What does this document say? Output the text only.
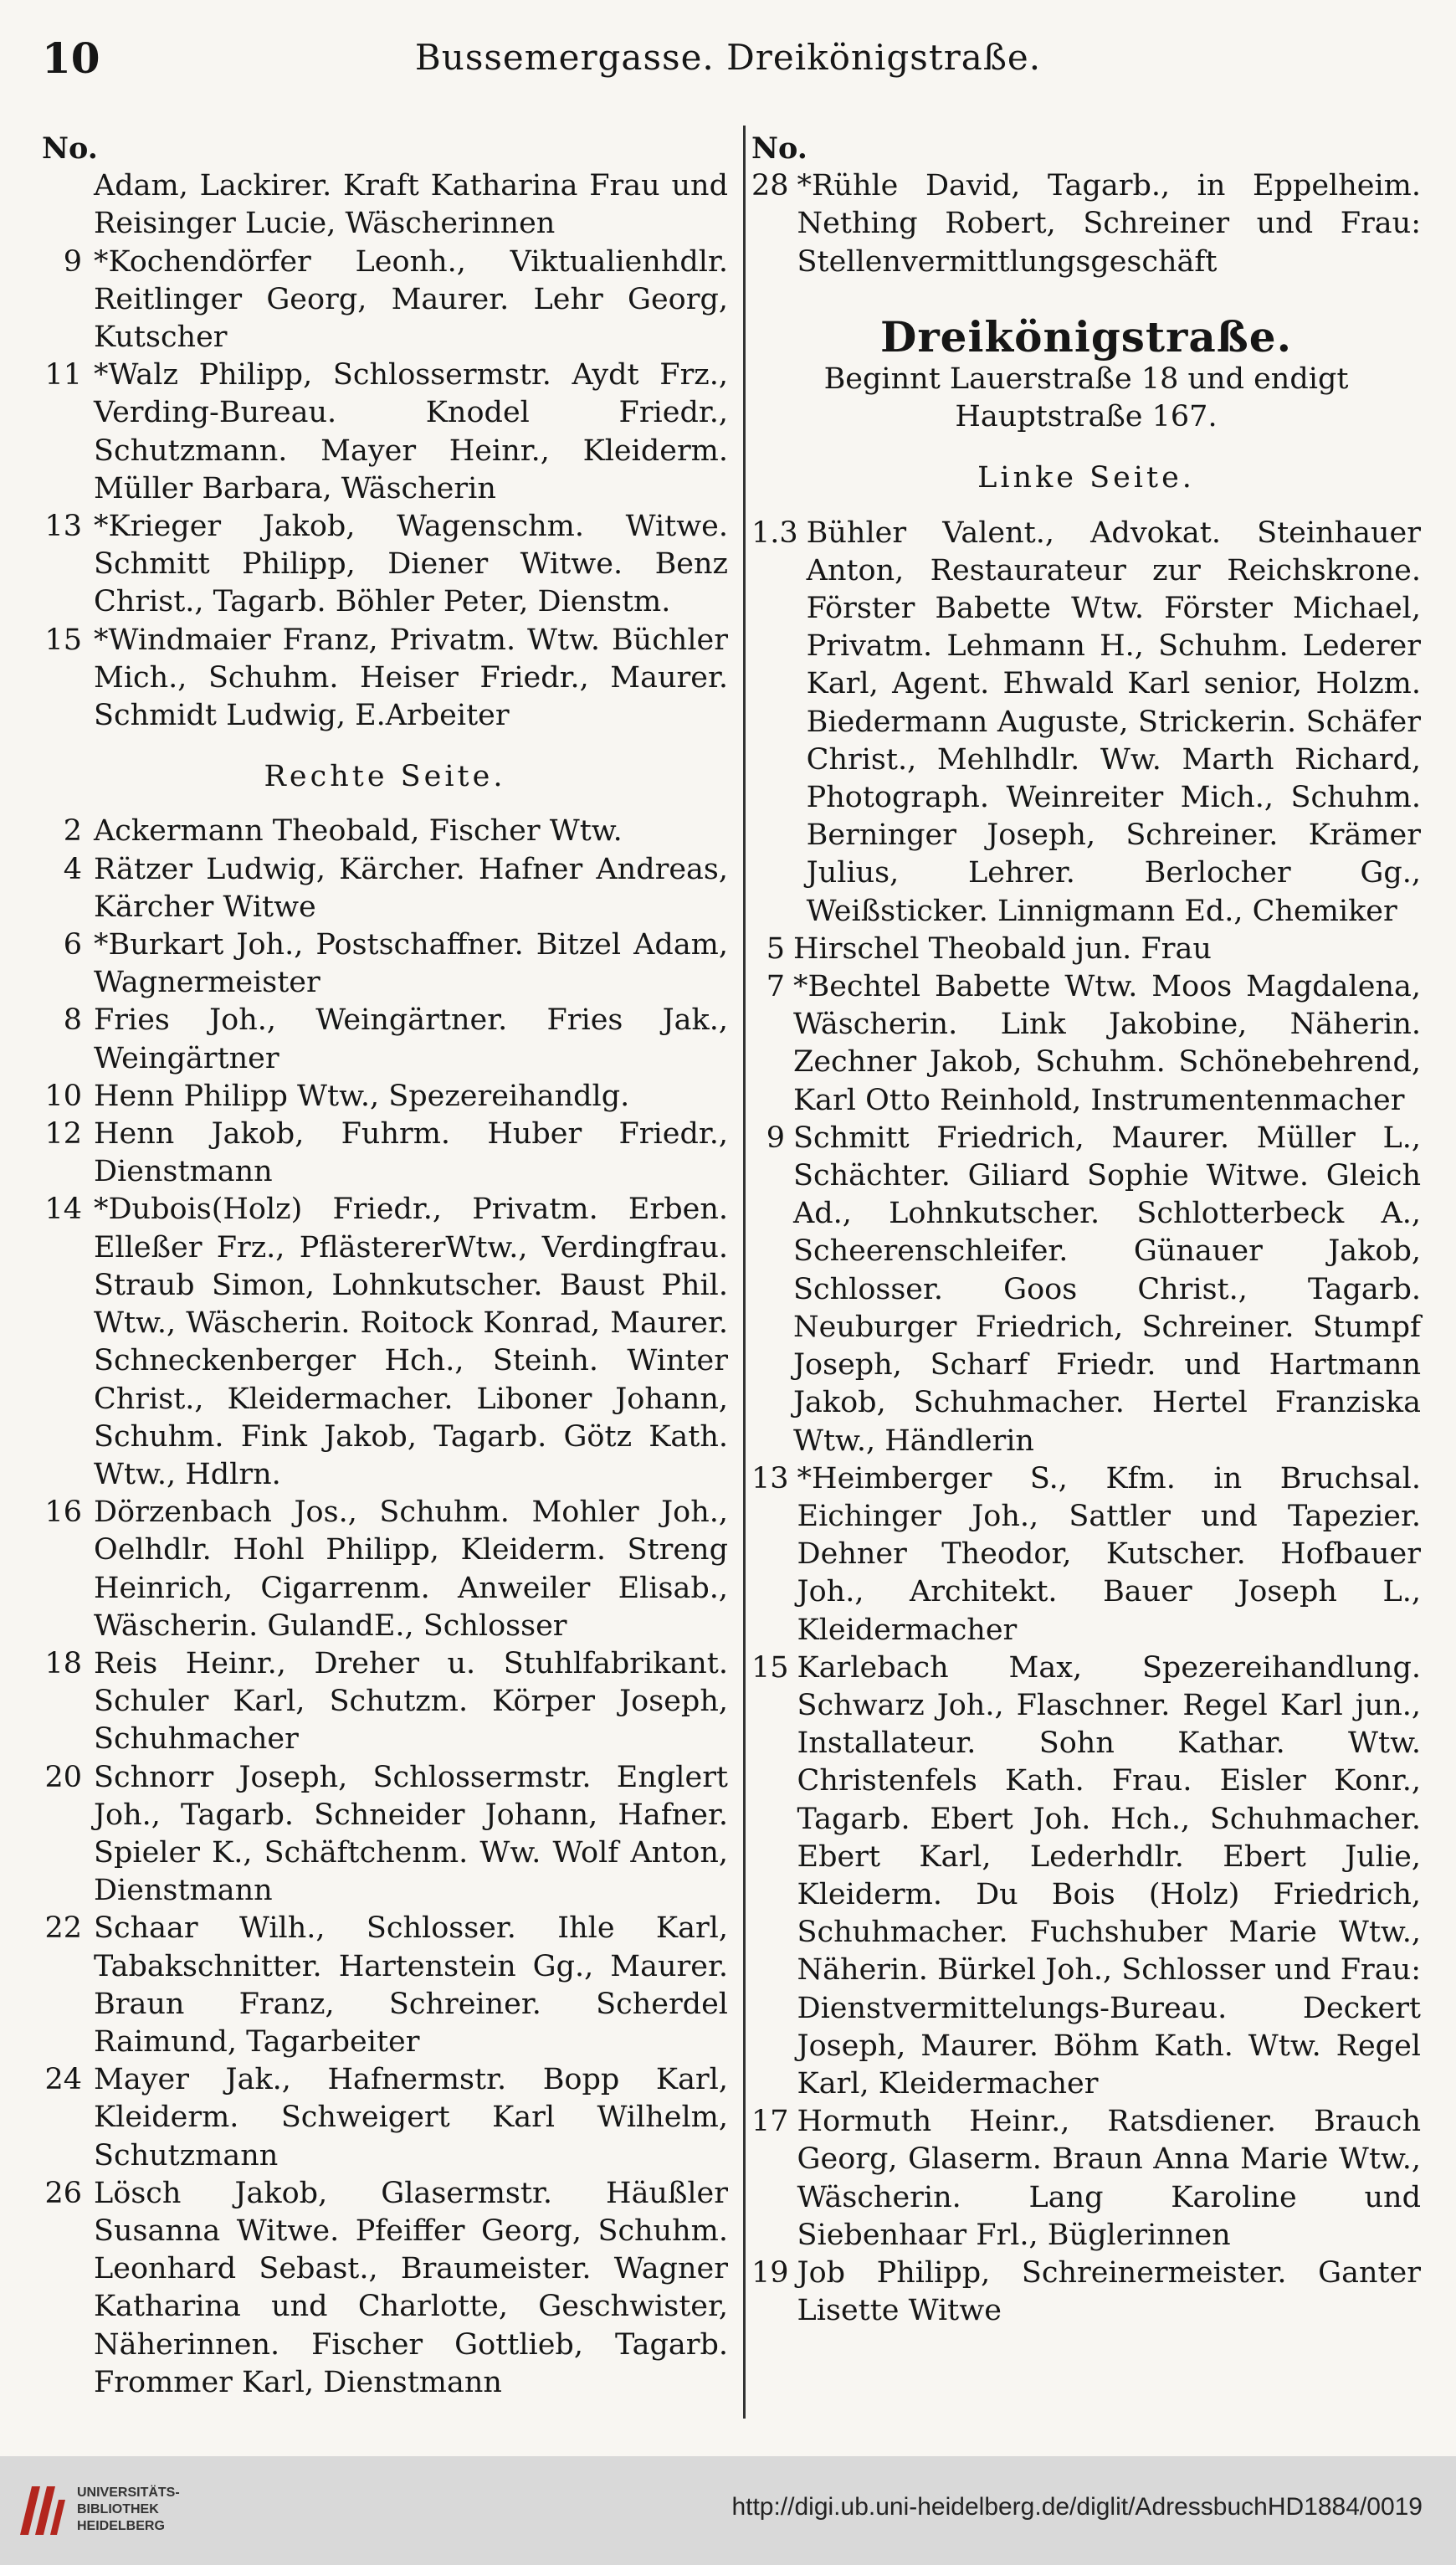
10	Bussemergasse. Dreikönigstraße.
No.
Adam, Lackirer. Kraft Katharina Frau und Reisinger Lucie, Wäscherinnen
9 *Kochendörfer Leonh., Viktualienhdlr. Reitlinger Georg, Maurer. Lehr Georg, Kutscher
11 *Walz Philipp, Schlossermstr. Aydt Frz., Verding-Bureau. Knodel Friedr., Schutzmann. Mayer Heinr., Kleiderm. Müller Barbara, Wäscherin
13 *Krieger Jakob, Wagenschm. Witwe. Schmitt Philipp, Diener Witwe. Benz Christ., Tagarb. Böhler Peter, Dienstm.
15 *Windmaier Franz, Privatm. Wtw. Büchler Mich., Schuhm. Heiser Friedr., Maurer. Schmidt Ludwig, E.Arbeiter
Rechte Seite.
2 Ackermann Theobald, Fischer Wtw.
4 Rätzer Ludwig, Kärcher. Hafner Andreas, Kärcher Witwe
6 *Burkart Joh., Postschaffner. Bitzel Adam, Wagnermeister
8 Fries Joh., Weingärtner. Fries Jak., Weingärtner
10 Henn Philipp Wtw., Spezereihandlg.
12 Henn Jakob, Fuhrm. Huber Friedr., Dienstmann
14 *Dubois(Holz) Friedr., Privatm. Erben. Elleßer Frz., PflästererWtw., Verdingfrau. Straub Simon, Lohnkutscher. Baust Phil. Wtw., Wäscherin. Roitock Konrad, Maurer. Schneckenberger Hch., Steinh. Winter Christ., Kleidermacher. Liboner Johann, Schuhm. Fink Jakob, Tagarb. Götz Kath. Wtw., Hdlrn.
16 Dörzenbach Jos., Schuhm. Mohler Joh., Oelhdlr. Hohl Philipp, Kleiderm. Streng Heinrich, Cigarrenm. Anweiler Elisab., Wäscherin. GulandE., Schlosser
18 Reis Heinr., Dreher u. Stuhlfabrikant. Schuler Karl, Schutzm. Körper Joseph, Schuhmacher
20 Schnorr Joseph, Schlossermstr. Englert Joh., Tagarb. Schneider Johann, Hafner. Spieler K., Schäftchenm. Ww. Wolf Anton, Dienstmann
22 Schaar Wilh., Schlosser. Ihle Karl, Tabakschnitter. Hartenstein Gg., Maurer. Braun Franz, Schreiner. Scherdel Raimund, Tagarbeiter
24 Mayer Jak., Hafnermstr. Bopp Karl, Kleiderm. Schweigert Karl Wilhelm, Schutzmann
26 Lösch Jakob, Glasermstr. Häußler Susanna Witwe. Pfeiffer Georg, Schuhm. Leonhard Sebast., Braumeister. Wagner Katharina und Charlotte, Geschwister, Näherinnen. Fischer Gottlieb, Tagarb. Frommer Karl, Dienstmann
No.
28 *Rühle David, Tagarb., in Eppelheim. Nething Robert, Schreiner und Frau: Stellenvermittlungsgeschäft
Dreikönigstraße.
Beginnt Lauerstraße 18 und endigt Hauptstraße 167.
Linke Seite.
1.3 Bühler Valent., Advokat. Steinhauer Anton, Restaurateur zur Reichskrone. Förster Babette Wtw. Förster Michael, Privatm. Lehmann H., Schuhm. Lederer Karl, Agent. Ehwald Karl senior, Holzm. Biedermann Auguste, Strickerin. Schäfer Christ., Mehlhdlr. Ww. Marth Richard, Photograph. Weinreiter Mich., Schuhm. Berninger Joseph, Schreiner. Krämer Julius, Lehrer. Berlocher Gg., Weißsticker. Linnigmann Ed., Chemiker
5 Hirschel Theobald jun. Frau
7 *Bechtel Babette Wtw. Moos Magdalena, Wäscherin. Link Jakobine, Näherin. Zechner Jakob, Schuhm. Schönebehrend, Karl Otto Reinhold, Instrumentenmacher
9 Schmitt Friedrich, Maurer. Müller L., Schächter. Giliard Sophie Witwe. Gleich Ad., Lohnkutscher. Schlotterbeck A., Scheerenschleifer. Günauer Jakob, Schlosser. Goos Christ., Tagarb. Neuburger Friedrich, Schreiner. Stumpf Joseph, Scharf Friedr. und Hartmann Jakob, Schuhmacher. Hertel Franziska Wtw., Händlerin
13 *Heimberger S., Kfm. in Bruchsal. Eichinger Joh., Sattler und Tapezier. Dehner Theodor, Kutscher. Hofbauer Joh., Architekt. Bauer Joseph L., Kleidermacher
15 Karlebach Max, Spezereihandlung. Schwarz Joh., Flaschner. Regel Karl jun., Installateur. Sohn Kathar. Wtw. Christenfels Kath. Frau. Eisler Konr., Tagarb. Ebert Joh. Hch., Schuhmacher. Ebert Karl, Lederhdlr. Ebert Julie, Kleiderm. Du Bois (Holz) Friedrich, Schuhmacher. Fuchshuber Marie Wtw., Näherin. Bürkel Joh., Schlosser und Frau: Dienstvermittelungs-Bureau. Deckert Joseph, Maurer. Böhm Kath. Wtw. Regel Karl, Kleidermacher
17 Hormuth Heinr., Ratsdiener. Brauch Georg, Glaserm. Braun Anna Marie Wtw., Wäscherin. Lang Karoline und Siebenhaar Frl., Büglerinnen
19 Job Philipp, Schreinermeister. Ganter Lisette Witwe
UNIVERSITÄTS-
BIBLIOTHEK
HEIDELBERG
http://digi.ub.uni-heidelberg.de/diglit/AdressbuchHD1884/0019
